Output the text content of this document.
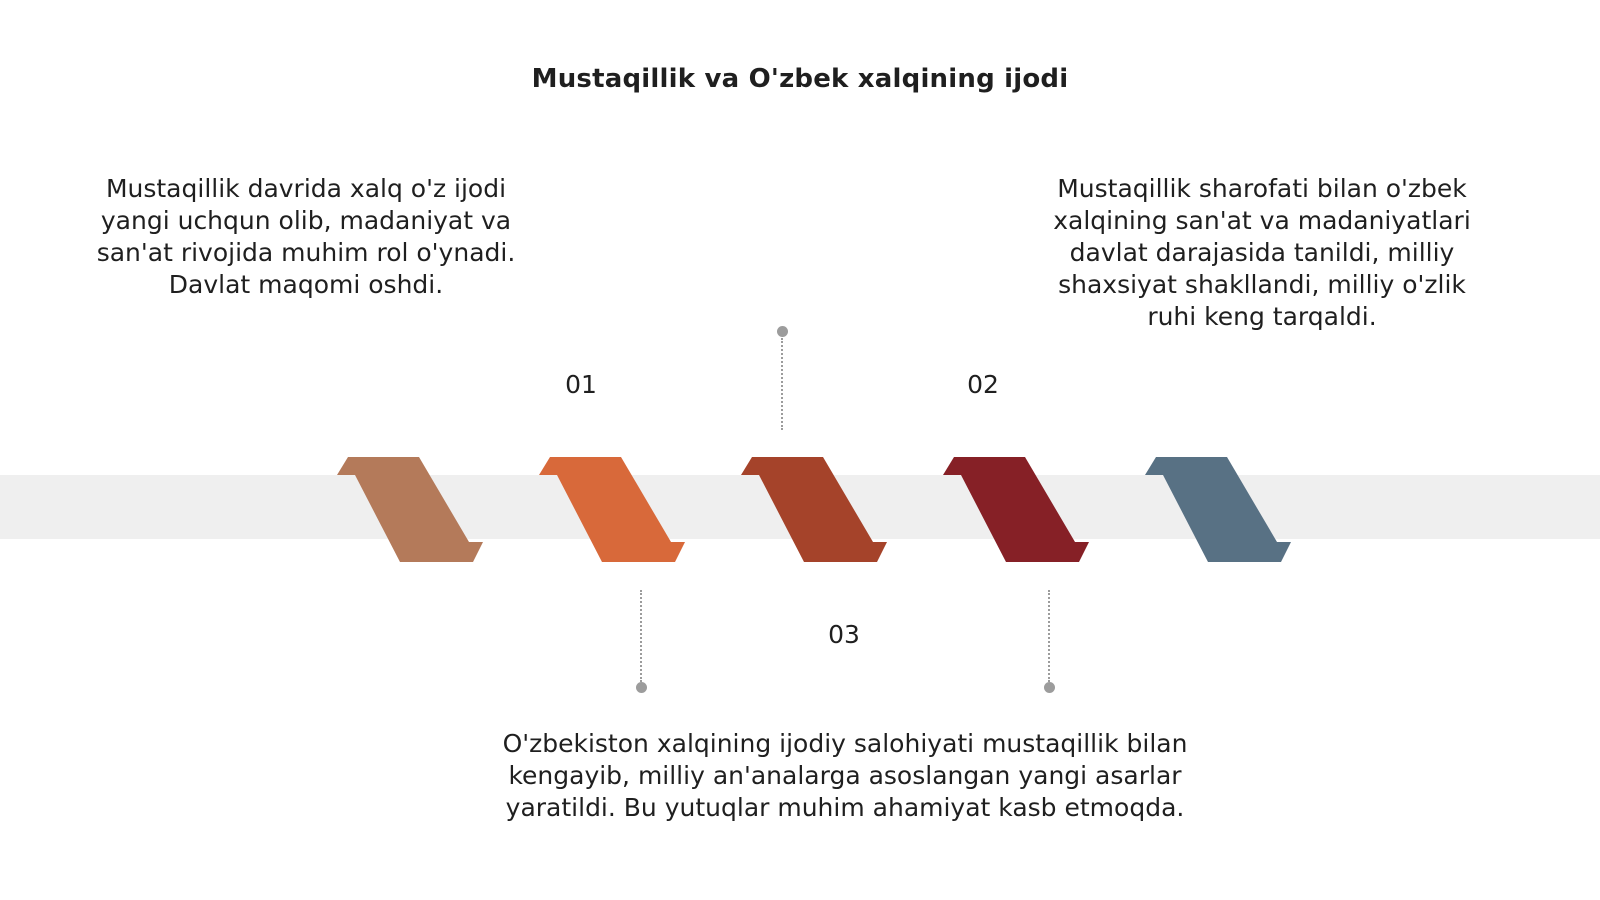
Mustaqillik va O'zbek xalqining ijodi
Mustaqillik davrida xalq o'z ijodi yangi uchqun olib, madaniyat va san'at rivojida muhim rol o'ynadi. Davlat maqomi oshdi.
Mustaqillik sharofati bilan o'zbek xalqining san'at va madaniyatlari davlat darajasida tanildi, milliy shaxsiyat shakllandi, milliy o'zlik ruhi keng tarqaldi.
O'zbekiston xalqining ijodiy salohiyati mustaqillik bilan kengayib, milliy an'analarga asoslangan yangi asarlar yaratildi. Bu yutuqlar muhim ahamiyat kasb etmoqda.
01	02
03
